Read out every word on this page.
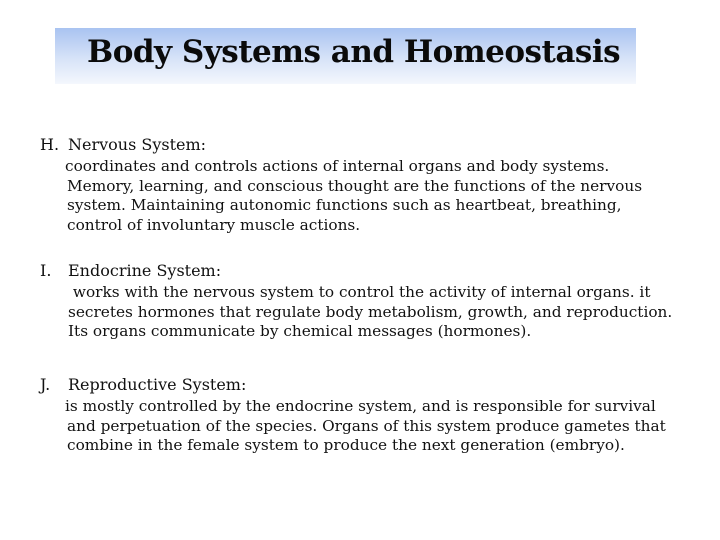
Body Systems and Homeostasis
H. Nervous System:
coordinates and controls actions of internal organs and body systems.
Memory, learning, and conscious thought are the functions of the nervous
system. Maintaining autonomic functions such as heartbeat, breathing,
control of involuntary muscle actions.
I. Endocrine System:
works with the nervous system to control the activity of internal organs. it
secretes hormones that regulate body metabolism, growth, and reproduction.
Its organs communicate by chemical messages (hormones).
J. Reproductive System:
is mostly controlled by the endocrine system, and is responsible for survival
and perpetuation of the species. Organs of this system produce gametes that
combine in the female system to produce the next generation (embryo).
